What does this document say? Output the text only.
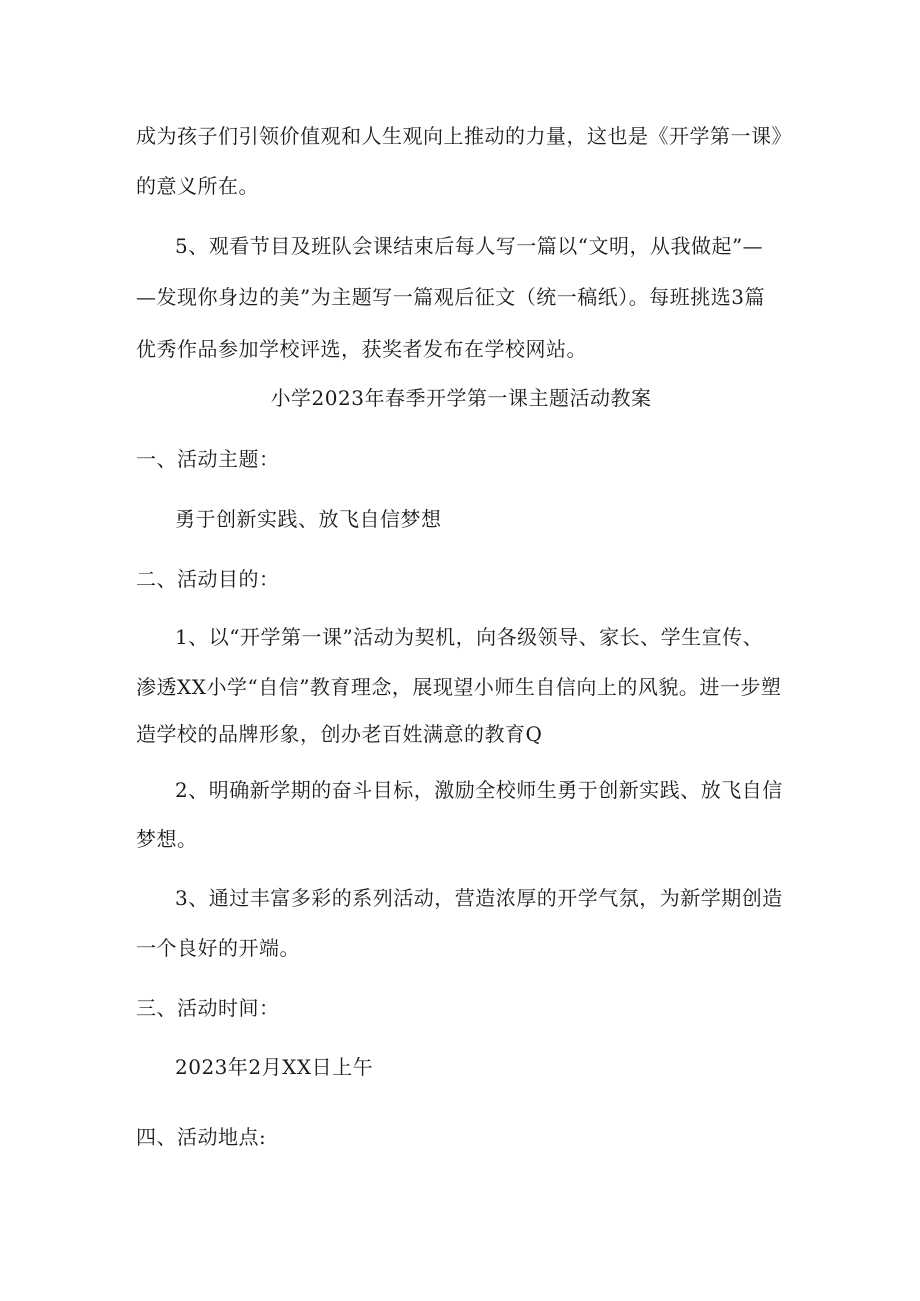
成为孩子们引领价值观和人生观向上推动的力量，这也是《开学第一课》
的意义所在。
5、观看节目及班队会课结束后每人写一篇以“文明，从我做起”—
—发现你身边的美”为主题写一篇观后征文（统一稿纸）。每班挑选3篇
优秀作品参加学校评选，获奖者发布在学校网站。
小学2023年春季开学第一课主题活动教案
一、活动主题：
勇于创新实践、放飞自信梦想
二、活动目的：
1、以“开学第一课”活动为契机，向各级领导、家长、学生宣传、
渗透XX小学“自信”教育理念，展现望小师生自信向上的风貌。进一步塑
造学校的品牌形象，创办老百姓满意的教育Q
2、明确新学期的奋斗目标，激励全校师生勇于创新实践、放飞自信
梦想。
3、通过丰富多彩的系列活动，营造浓厚的开学气氛，为新学期创造
一个良好的开端。
三、活动时间：
2023年2月XX日上午
四、活动地点:
